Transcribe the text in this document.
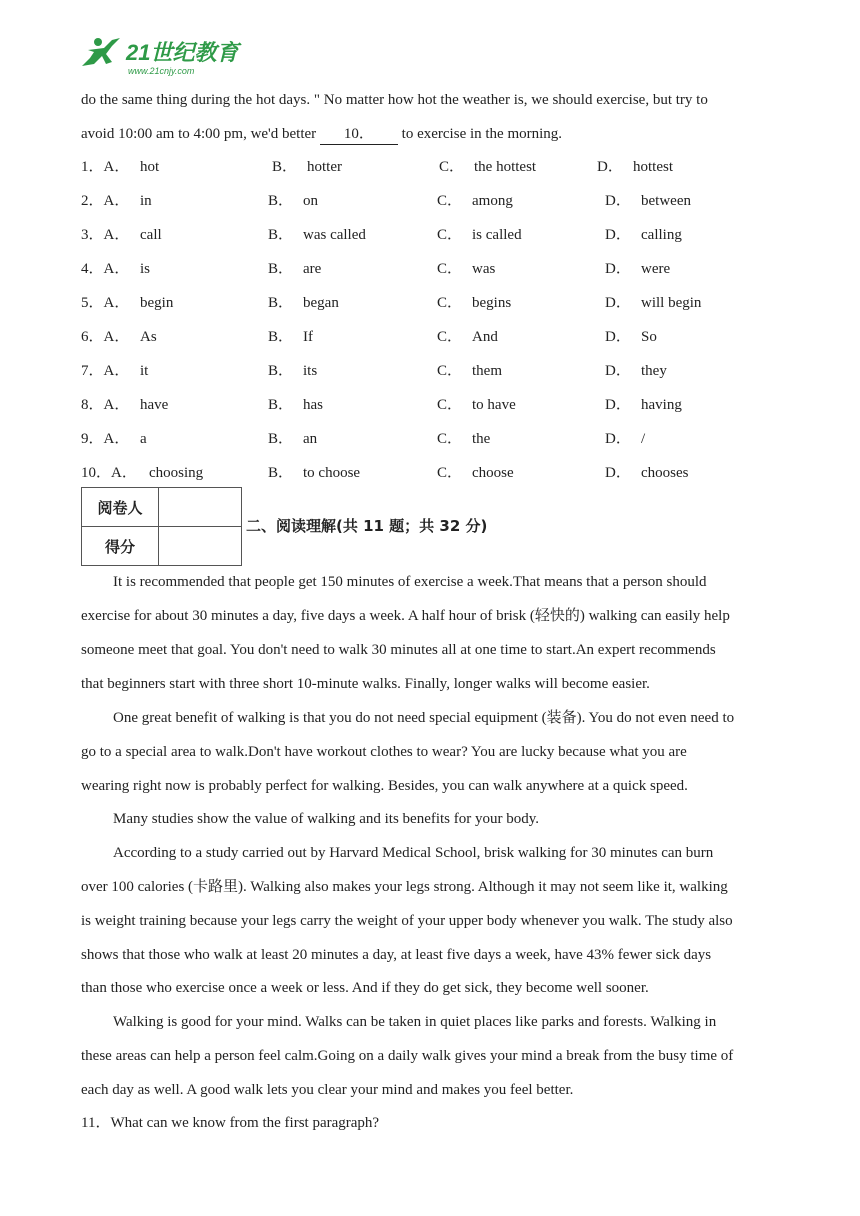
21世纪教育
www.21cnjy.com
do the same thing during the hot days. " No matter how hot the weather is, we should exercise, but try to
avoid 10:00 am to 4:00 pm, we'd better 10． to exercise in the morning.
1．A． hot	B． hotter	C． the hottest	D． hottest
2．A． in	B． on	C． among	D． between
3．A． call	B． was called	C． is called	D． calling
4．A． is	B． are	C． was	D． were
5．A． begin	B． began	C． begins	D． will begin
6．A． As	B． If	C． And	D． So
7．A． it	B． its	C． them	D． they
8．A． have	B． has	C． to have	D． having
9．A． a	B． an	C． the	D． /
10．A． choosing	B． to choose	C． choose	D． chooses
阅卷人	
得分	
二、阅读理解(共 11 题；共 32 分)
It is recommended that people get 150 minutes of exercise a week.That means that a person should
exercise for about 30 minutes a day, five days a week. A half hour of brisk (轻快的) walking can easily help
someone meet that goal. You don't need to walk 30 minutes all at one time to start.An expert recommends
that beginners start with three short 10-minute walks. Finally, longer walks will become easier.
One great benefit of walking is that you do not need special equipment (装备). You do not even need to
go to a special area to walk.Don't have workout clothes to wear? You are lucky because what you are
wearing right now is probably perfect for walking. Besides, you can walk anywhere at a quick speed.
Many studies show the value of walking and its benefits for your body.
According to a study carried out by Harvard Medical School, brisk walking for 30 minutes can burn
over 100 calories (卡路里). Walking also makes your legs strong. Although it may not seem like it, walking
is weight training because your legs carry the weight of your upper body whenever you walk. The study also
shows that those who walk at least 20 minutes a day, at least five days a week, have 43% fewer sick days
than those who exercise once a week or less. And if they do get sick, they become well sooner.
Walking is good for your mind. Walks can be taken in quiet places like parks and forests. Walking in
these areas can help a person feel calm.Going on a daily walk gives your mind a break from the busy time of
each day as well. A good walk lets you clear your mind and makes you feel better.
11．What can we know from the first paragraph?
